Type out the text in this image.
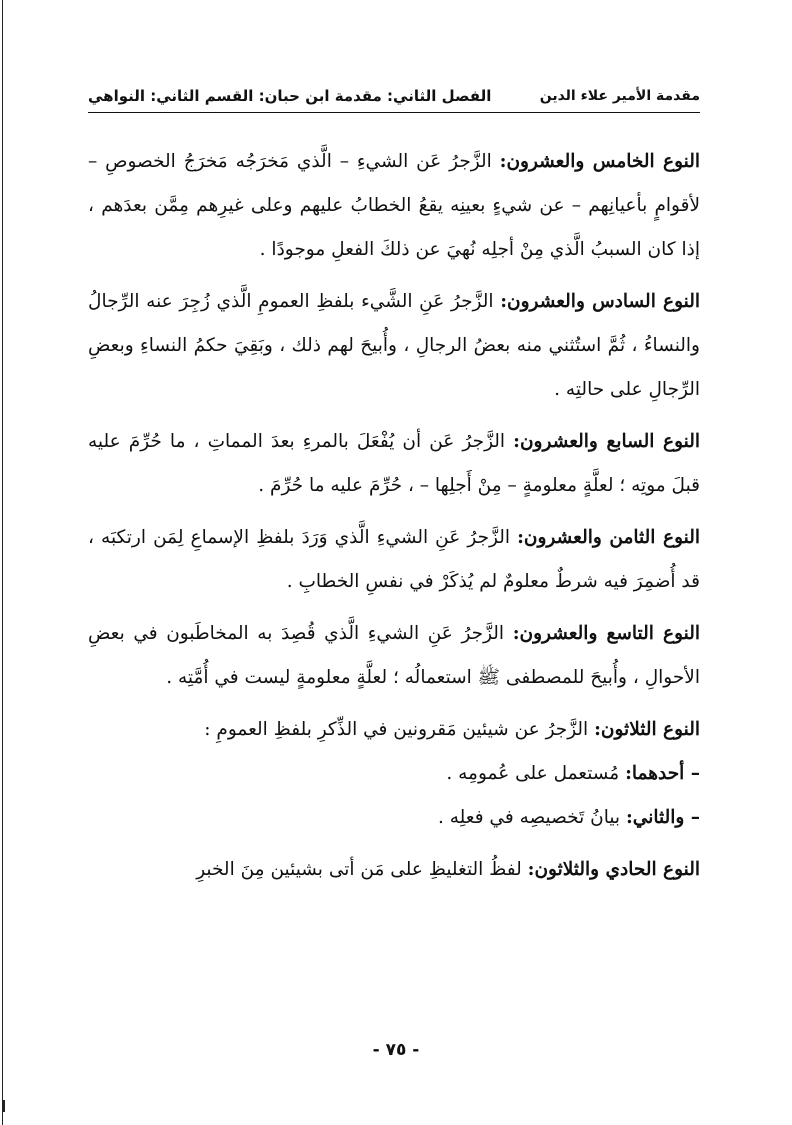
مقدمة الأمير علاء الدين
الفصل الثاني: مقدمة ابن حبان: القسم الثاني: النواهي

النوع الخامس والعشرون: الزَّجرُ عَن الشيءِ – الَّذي مَخرَجُه مَخرَجُ الخصوصِ – لأقوامٍ بأعيانِهم – عن شيءٍ بعينِه يقعُ الخطابُ عليهم وعلى غيرِهم مِمَّن بعدَهم ، إذا كان السببُ الَّذي مِنْ أجلِه نُهيَ عن ذلكَ الفعلِ موجودًا .

النوع السادس والعشرون: الزَّجرُ عَنِ الشَّيء بلفظِ العمومِ الَّذي زُجِرَ عنه الرِّجالُ والنساءُ ، ثُمَّ استُثني منه بعضُ الرجالِ ، وأُبيحَ لهم ذلك ، وبَقِيَ حكمُ النساءِ وبعضِ الرِّجالِ على حالتِه .

النوع السابع والعشرون: الزَّجرُ عَن أن يُفْعَلَ بالمرءِ بعدَ المماتِ ، ما حُرِّمَ عليه قبلَ موتِه ؛ لعلَّةٍ معلومةٍ – مِنْ أَجلِها – ، حُرِّمَ عليه ما حُرِّمَ .

النوع الثامن والعشرون: الزَّجرُ عَنِ الشيءِ الَّذي وَرَدَ بلفظِ الإسماعِ لِمَن ارتكبَه ، قد أُضمِرَ فيه شرطٌ معلومٌ لم يُذكَرْ في نفسِ الخطابِ .

النوع التاسع والعشرون: الزَّجرُ عَنِ الشيءِ الَّذي قُصِدَ به المخاطَبون في بعضِ الأحوالِ ، وأُبيحَ للمصطفى ﷺ استعمالُه ؛ لعلَّةٍ معلومةٍ ليست في أُمَّتِه .

النوع الثلاثون: الزَّجرُ عن شيئين مَقرونين في الذِّكرِ بلفظِ العمومِ :

– أحدهما: مُستعمل على عُمومِه .

– والثاني: بيانُ تَخصيصِه في فعلِه .

النوع الحادي والثلاثون: لفظُ التغليظِ على مَن أتى بشيئين مِنَ الخبرِ

- ٧٥ -
